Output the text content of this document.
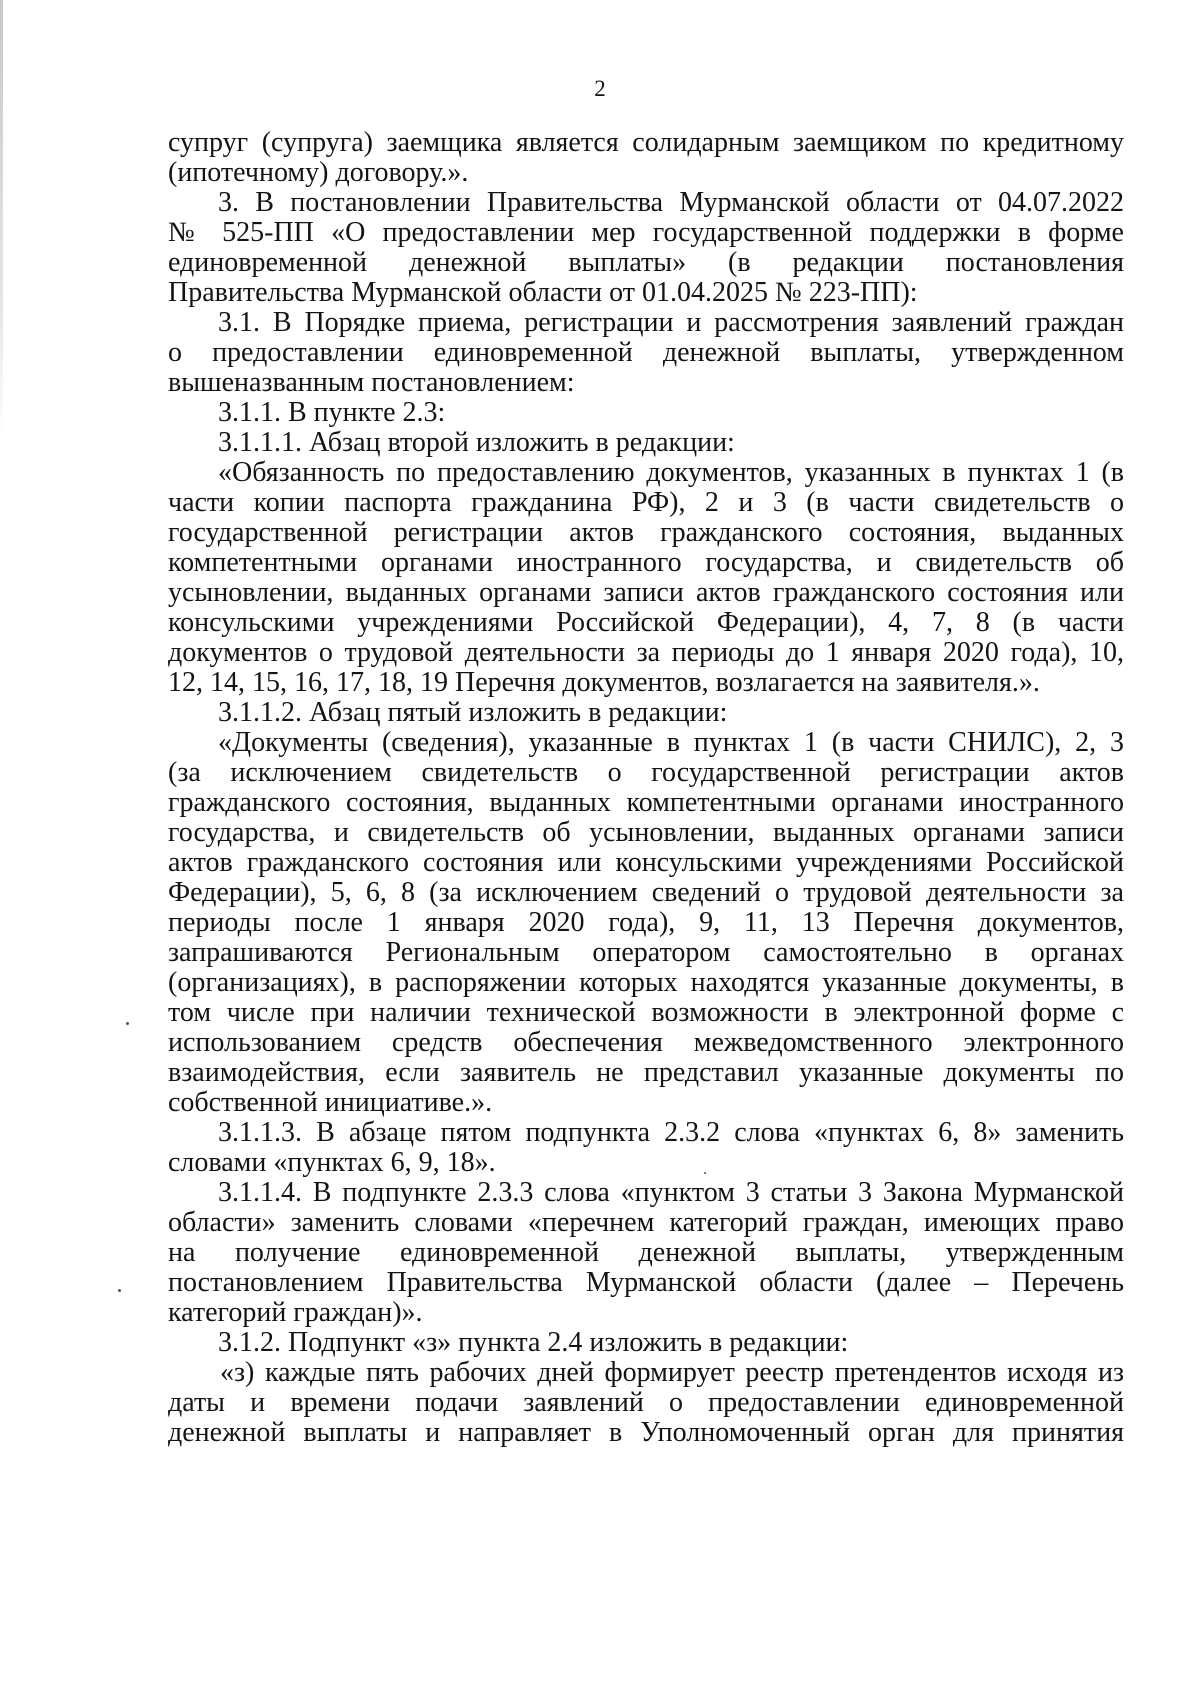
2
супруг (супруга) заемщика является солидарным заемщиком по кредитному
(ипотечному) договору.».
3. В постановлении Правительства Мурманской области от 04.07.2022
№ 525-ПП «О предоставлении мер государственной поддержки в форме
единовременной денежной выплаты» (в редакции постановления
Правительства Мурманской области от 01.04.2025 № 223-ПП):
3.1. В Порядке приема, регистрации и рассмотрения заявлений граждан
о предоставлении единовременной денежной выплаты, утвержденном
вышеназванным постановлением:
3.1.1. В пункте 2.3:
3.1.1.1. Абзац второй изложить в редакции:
«Обязанность по предоставлению документов, указанных в пунктах 1 (в
части копии паспорта гражданина РФ), 2 и 3 (в части свидетельств о
государственной регистрации актов гражданского состояния, выданных
компетентными органами иностранного государства, и свидетельств об
усыновлении, выданных органами записи актов гражданского состояния или
консульскими учреждениями Российской Федерации), 4, 7, 8 (в части
документов о трудовой деятельности за периоды до 1 января 2020 года), 10,
12, 14, 15, 16, 17, 18, 19 Перечня документов, возлагается на заявителя.».
3.1.1.2. Абзац пятый изложить в редакции:
«Документы (сведения), указанные в пунктах 1 (в части СНИЛС), 2, 3
(за исключением свидетельств о государственной регистрации актов
гражданского состояния, выданных компетентными органами иностранного
государства, и свидетельств об усыновлении, выданных органами записи
актов гражданского состояния или консульскими учреждениями Российской
Федерации), 5, 6, 8 (за исключением сведений о трудовой деятельности за
периоды после 1 января 2020 года), 9, 11, 13 Перечня документов,
запрашиваются Региональным оператором самостоятельно в органах
(организациях), в распоряжении которых находятся указанные документы, в
том числе при наличии технической возможности в электронной форме с
использованием средств обеспечения межведомственного электронного
взаимодействия, если заявитель не представил указанные документы по
собственной инициативе.».
3.1.1.3. В абзаце пятом подпункта 2.3.2 слова «пунктах 6, 8» заменить
словами «пунктах 6, 9, 18».
3.1.1.4. В подпункте 2.3.3 слова «пунктом 3 статьи 3 Закона Мурманской
области» заменить словами «перечнем категорий граждан, имеющих право
на получение единовременной денежной выплаты, утвержденным
постановлением Правительства Мурманской области (далее – Перечень
категорий граждан)».
3.1.2. Подпункт «з» пункта 2.4 изложить в редакции:
«з) каждые пять рабочих дней формирует реестр претендентов исходя из
даты и времени подачи заявлений о предоставлении единовременной
денежной выплаты и направляет в Уполномоченный орган для принятия
